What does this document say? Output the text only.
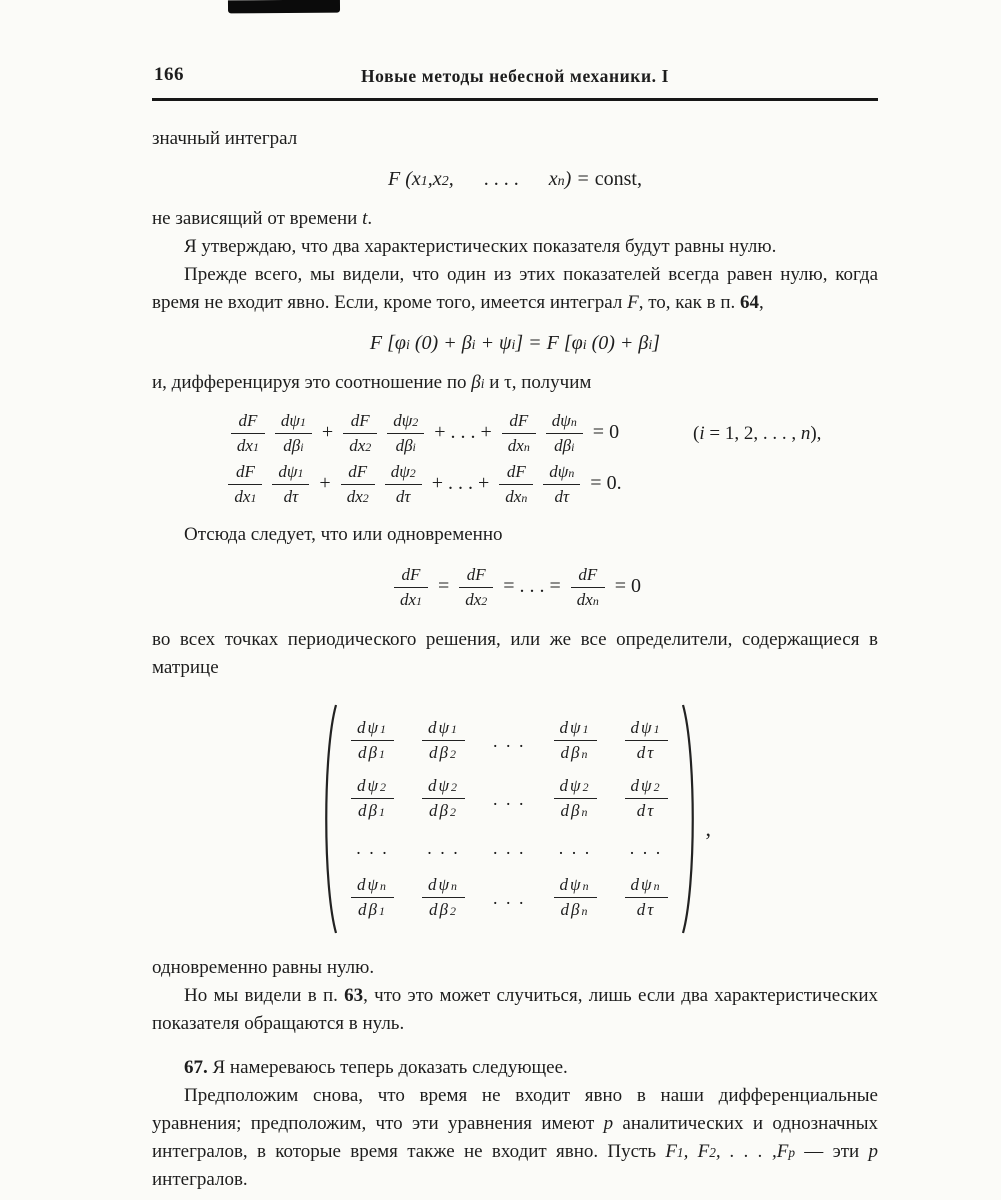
166	Новые методы небесной механики. I

значный интеграл

F (x1,x2,      . . . .      xn) = const,

не зависящий от времени t.

Я утверждаю, что два характеристических показателя будут равны нулю.

Прежде всего, мы видели, что один из этих показателей всегда равен нулю, когда время не входит явно. Если, кроме того, имеется интеграл F, то, как в п. 64,

F [φi (0) + βi + ψi] = F [φi (0) + βi]

и, дифференцируя это соотношение по βi и τ, получим

$\frac{dF}{dx1} \frac{d\psi 1}{\text{dβi}} + \frac{dF}{dx2} \frac{d\psi 2}{\text{dβi}}$ + . . . + $\frac{dF}{\text{dxn}} \frac{\text{dψn}}{\text{dβi}} = 0$	(i = 1, 2, . . . , n),
$\frac{dF}{dx1} \frac{d\psi 1}{d\tau} + \frac{dF}{dx2} \frac{d\psi 2}{d\tau}$ + . . . + $\frac{dF}{\text{dxn}} \frac{\text{dψn}}{d\tau} = 0$.

Отсюда следует, что или одновременно

$\frac{dF}{dx1} = \frac{dF}{dx2}$ = . . . = $\frac{dF}{\text{dxn}} = 0$

во всех точках периодического решения, или же все определители, содержащиеся в матрице

$\frac{d\psi 1}{d\beta 1} \frac{d\psi 1}{d\beta 2}$ . . . $\frac{d\psi 1}{\text{dβn}} \frac{d\psi 1}{d\tau}$
$\frac{d\psi 2}{d\beta 1} \frac{d\psi 2}{d\beta 2}$ . . . $\frac{d\psi 2}{\text{dβn}} \frac{d\psi 2}{d\tau}$
. . . . . . . . . . . . . . .
$\frac{\text{dψn}}{d\beta 1} \frac{\text{dψn}}{d\beta 2}$ . . . $\frac{\text{dψn}}{\text{dβn}} \frac{\text{dψn}}{d\tau}$
,

одновременно равны нулю.

Но мы видели в п. 63, что это может случиться, лишь если два характеристических показателя обращаются в нуль.

67. Я намереваюсь теперь доказать следующее.

Предположим снова, что время не входит явно в наши дифференциальные уравнения; предположим, что эти уравнения имеют p аналитических и однозначных интегралов, в которые время также не входит явно. Пусть F1, F2, . . . ,Fp — эти p интегралов.
